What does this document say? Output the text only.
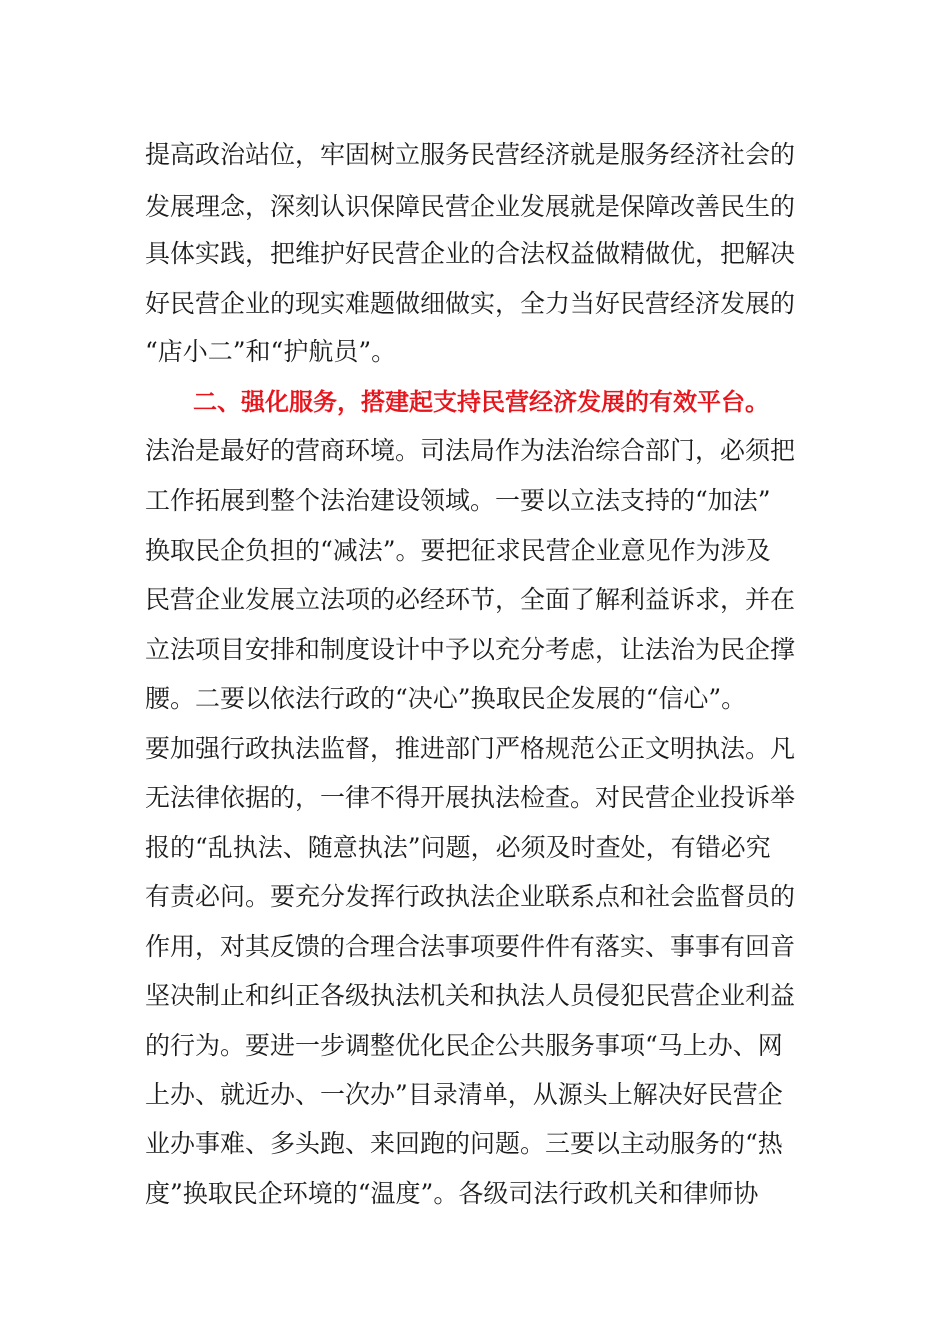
提高政治站位，牢固树立服务民营经济就是服务经济社会的
发展理念，深刻认识保障民营企业发展就是保障改善民生的
具体实践，把维护好民营企业的合法权益做精做优，把解决
好民营企业的现实难题做细做实，全力当好民营经济发展的
“店小二”和“护航员”。
二、强化服务，搭建起支持民营经济发展的有效平台。
法治是最好的营商环境。司法局作为法治综合部门，必须把
工作拓展到整个法治建设领域。一要以立法支持的“加法”
换取民企负担的“减法”。要把征求民营企业意见作为涉及
民营企业发展立法项的必经环节，全面了解利益诉求，并在
立法项目安排和制度设计中予以充分考虑，让法治为民企撑
腰。二要以依法行政的“决心”换取民企发展的“信心”。
要加强行政执法监督，推进部门严格规范公正文明执法。凡
无法律依据的，一律不得开展执法检查。对民营企业投诉举
报的“乱执法、随意执法”问题，必须及时查处，有错必究
有责必问。要充分发挥行政执法企业联系点和社会监督员的
作用，对其反馈的合理合法事项要件件有落实、事事有回音
坚决制止和纠正各级执法机关和执法人员侵犯民营企业利益
的行为。要进一步调整优化民企公共服务事项“马上办、网
上办、就近办、一次办”目录清单，从源头上解决好民营企
业办事难、多头跑、来回跑的问题。三要以主动服务的“热
度”换取民企环境的“温度”。各级司法行政机关和律师协
